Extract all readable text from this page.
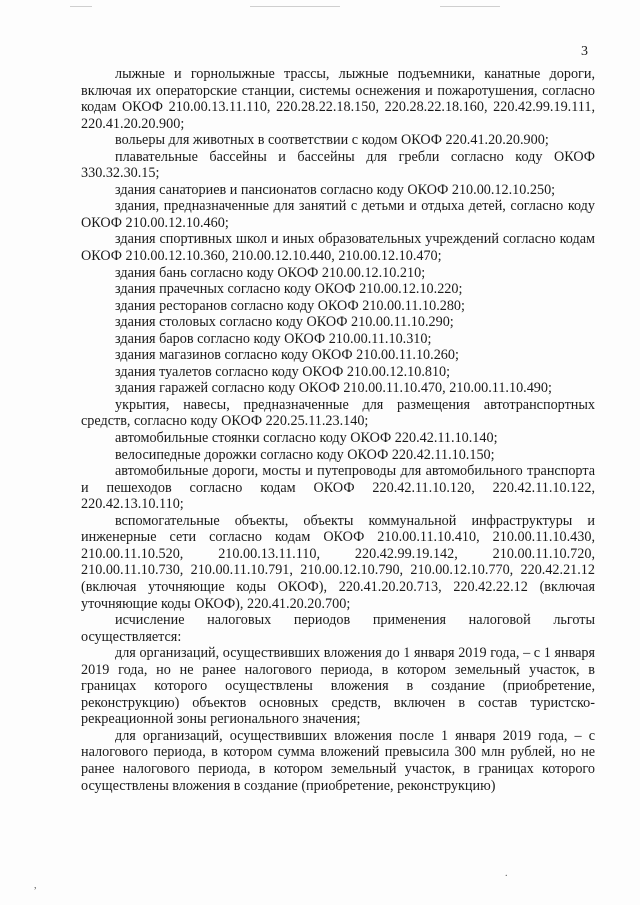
3

лыжные и горнолыжные трассы, лыжные подъемники, канатные дороги, включая их операторские станции, системы оснежения и пожаротушения, согласно кодам ОКОФ 210.00.13.11.110, 220.28.22.18.150, 220.28.22.18.160, 220.42.99.19.111, 220.41.20.20.900;

вольеры для животных в соответствии с кодом ОКОФ 220.41.20.20.900;

плавательные бассейны и бассейны для гребли согласно коду ОКОФ 330.32.30.15;

здания санаториев и пансионатов согласно коду ОКОФ 210.00.12.10.250;

здания, предназначенные для занятий с детьми и отдыха детей, согласно коду ОКОФ 210.00.12.10.460;

здания спортивных школ и иных образовательных учреждений согласно кодам ОКОФ 210.00.12.10.360, 210.00.12.10.440, 210.00.12.10.470;

здания бань согласно коду ОКОФ 210.00.12.10.210;

здания прачечных согласно коду ОКОФ 210.00.12.10.220;

здания ресторанов согласно коду ОКОФ 210.00.11.10.280;

здания столовых согласно коду ОКОФ 210.00.11.10.290;

здания баров согласно коду ОКОФ 210.00.11.10.310;

здания магазинов согласно коду ОКОФ 210.00.11.10.260;

здания туалетов согласно коду ОКОФ 210.00.12.10.810;

здания гаражей согласно коду ОКОФ 210.00.11.10.470, 210.00.11.10.490;

укрытия, навесы, предназначенные для размещения автотранспортных средств, согласно коду ОКОФ 220.25.11.23.140;

автомобильные стоянки согласно коду ОКОФ 220.42.11.10.140;

велосипедные дорожки согласно коду ОКОФ 220.42.11.10.150;

автомобильные дороги, мосты и путепроводы для автомобильного транспорта и пешеходов согласно кодам ОКОФ 220.42.11.10.120, 220.42.11.10.122, 220.42.13.10.110;

вспомогательные объекты, объекты коммунальной инфраструктуры и инженерные сети согласно кодам ОКОФ 210.00.11.10.410, 210.00.11.10.430, 210.00.11.10.520, 210.00.13.11.110, 220.42.99.19.142, 210.00.11.10.720, 210.00.11.10.730, 210.00.11.10.791, 210.00.12.10.790, 210.00.12.10.770, 220.42.21.12 (включая уточняющие коды ОКОФ), 220.41.20.20.713, 220.42.22.12 (включая уточняющие коды ОКОФ), 220.41.20.20.700;

исчисление налоговых периодов применения налоговой льготы осуществляется:

для организаций, осуществивших вложения до 1 января 2019 года, – с 1 января 2019 года, но не ранее налогового периода, в котором земельный участок, в границах которого осуществлены вложения в создание (приобретение, реконструкцию) объектов основных средств, включен в состав туристско-рекреационной зоны регионального значения;

для организаций, осуществивших вложения после 1 января 2019 года, – с налогового периода, в котором сумма вложений превысила 300 млн рублей, но не ранее налогового периода, в котором земельный участок, в границах которого осуществлены вложения в создание (приобретение, реконструкцию)

,
.
